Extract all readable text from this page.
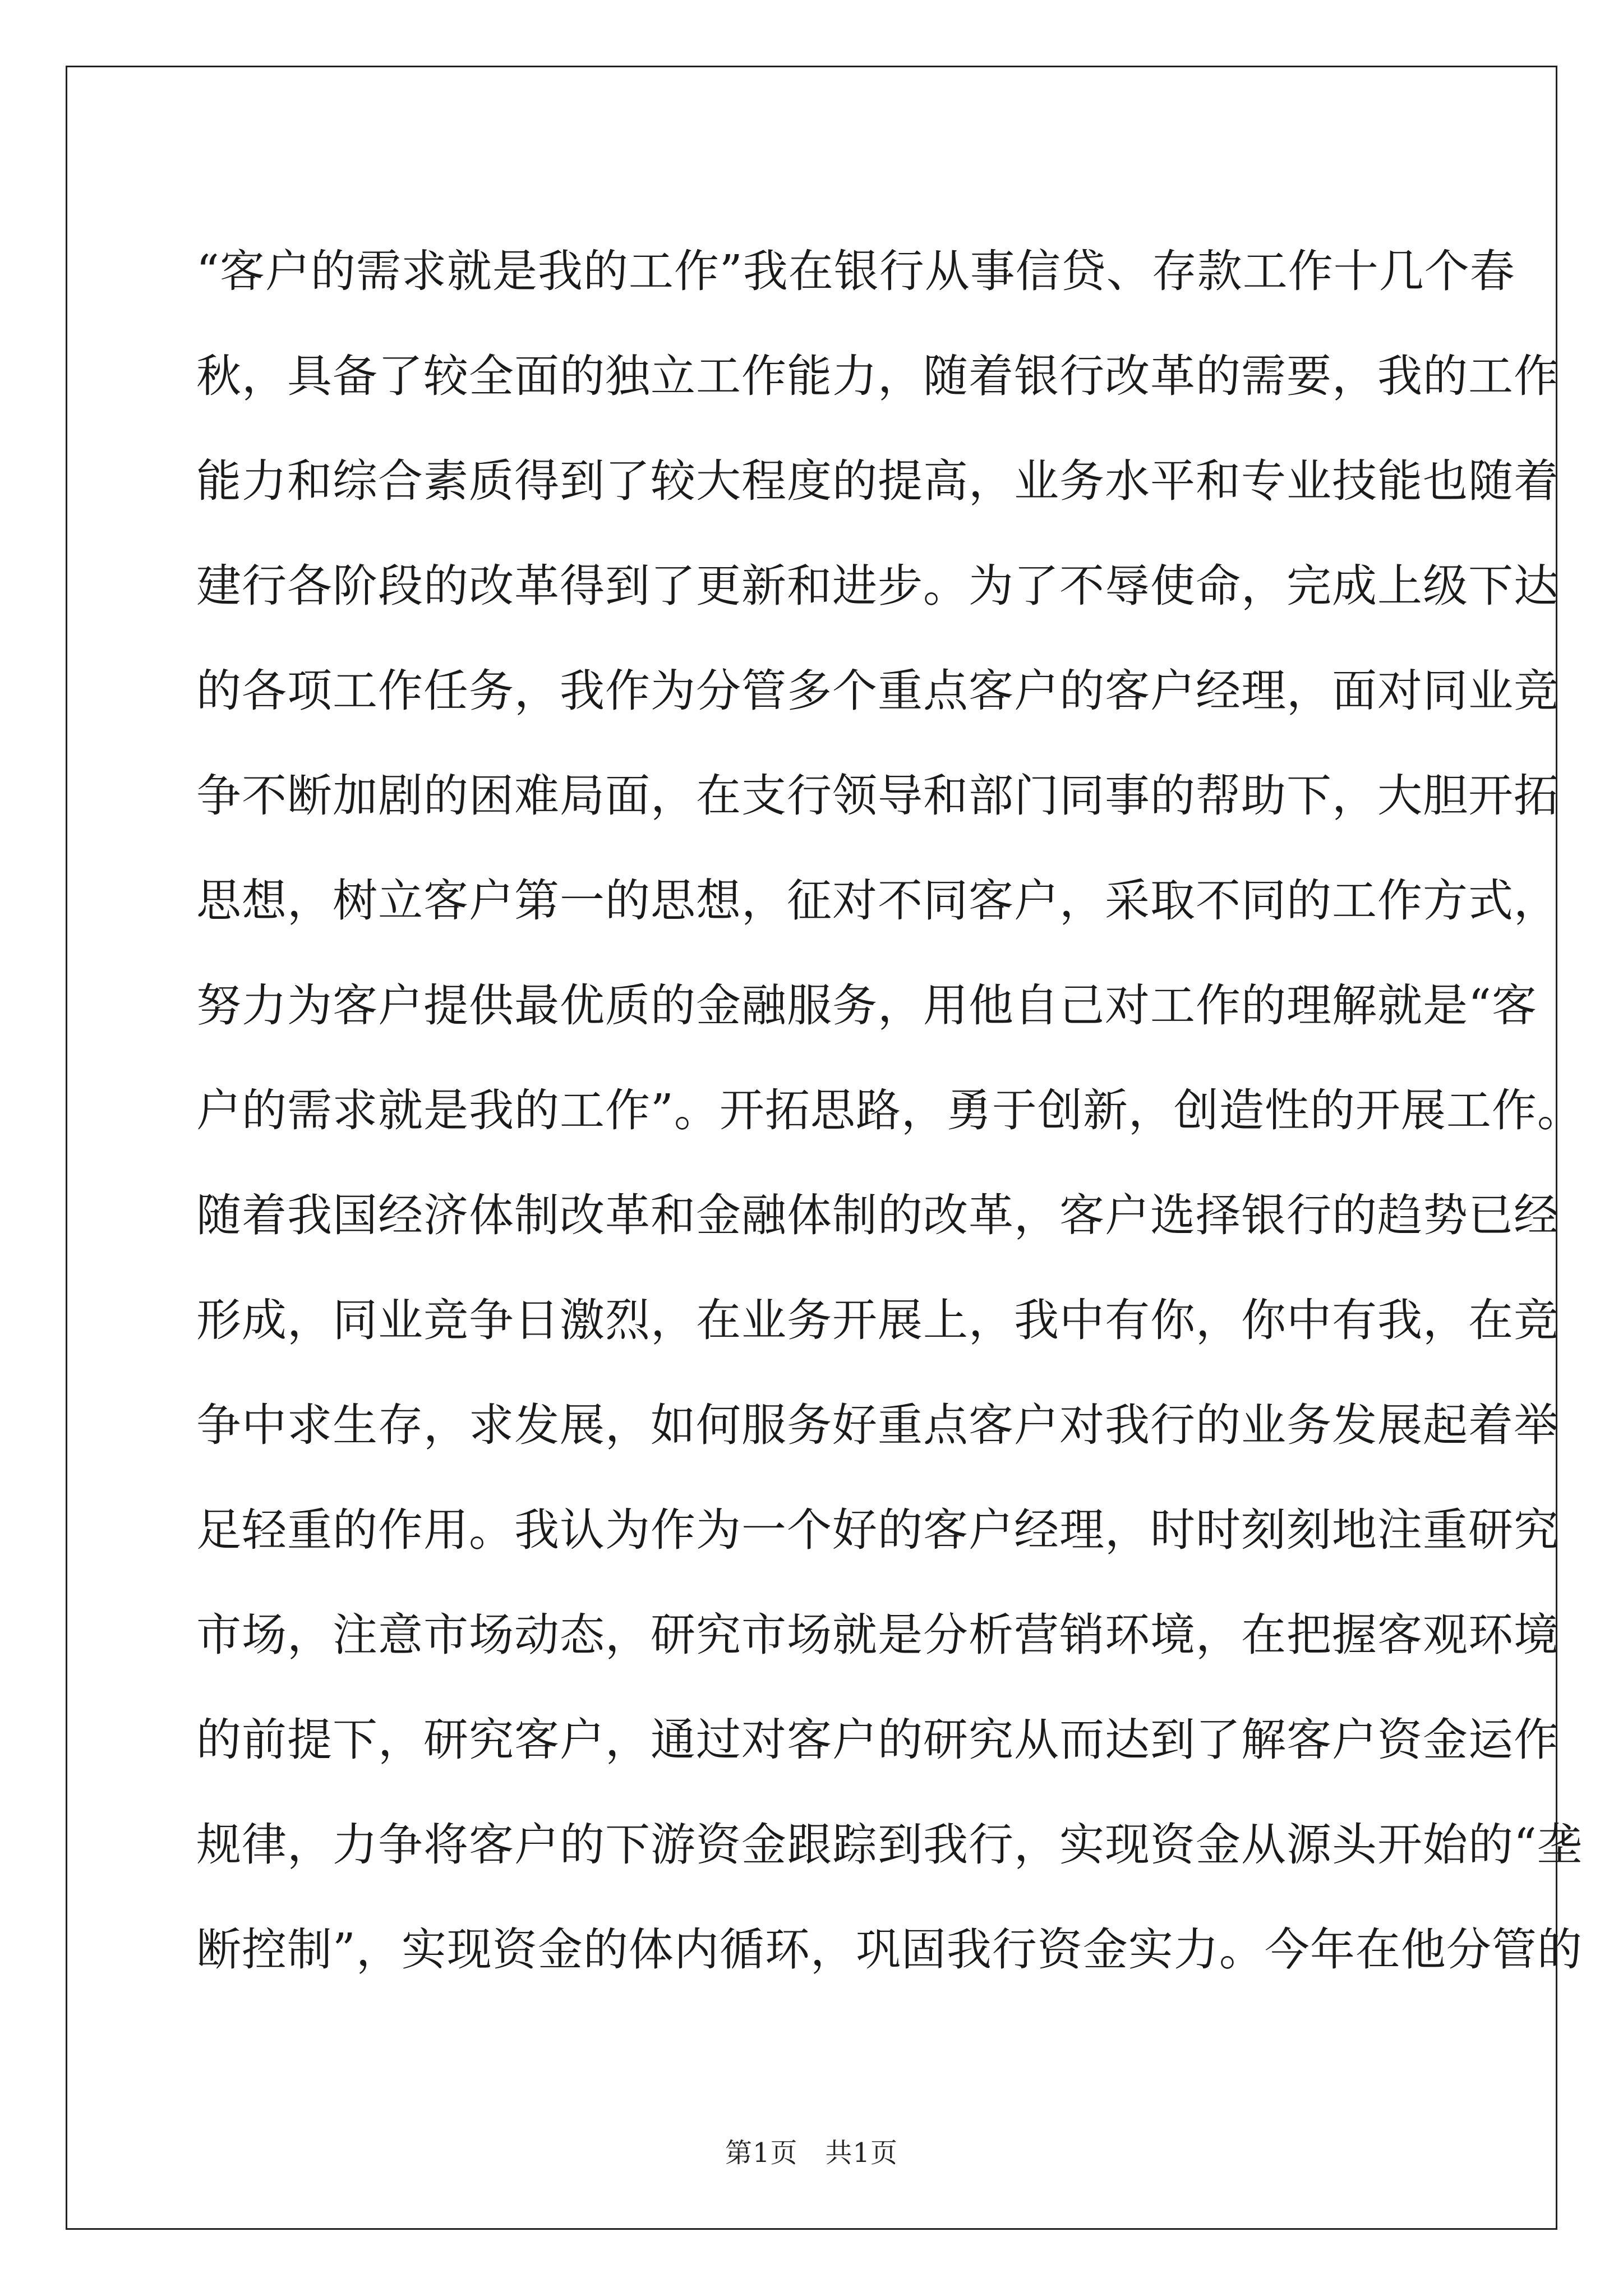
“客户的需求就是我的工作”我在银行从事信贷、存款工作十几个春
秋，具备了较全面的独立工作能力，随着银行改革的需要，我的工作
能力和综合素质得到了较大程度的提高，业务水平和专业技能也随着
建行各阶段的改革得到了更新和进步。为了不辱使命，完成上级下达
的各项工作任务，我作为分管多个重点客户的客户经理，面对同业竞
争不断加剧的困难局面，在支行领导和部门同事的帮助下，大胆开拓
思想，树立客户第一的思想，征对不同客户，采取不同的工作方式，
努力为客户提供最优质的金融服务，用他自己对工作的理解就是“客
户的需求就是我的工作”。开拓思路，勇于创新，创造性的开展工作。
随着我国经济体制改革和金融体制的改革，客户选择银行的趋势已经
形成，同业竞争日激烈，在业务开展上，我中有你，你中有我，在竞
争中求生存，求发展，如何服务好重点客户对我行的业务发展起着举
足轻重的作用。我认为作为一个好的客户经理，时时刻刻地注重研究
市场，注意市场动态，研究市场就是分析营销环境，在把握客观环境
的前提下，研究客户，通过对客户的研究从而达到了解客户资金运作
规律，力争将客户的下游资金跟踪到我行，实现资金从源头开始的“垄
断控制”，实现资金的体内循环，巩固我行资金实力。今年在他分管的
第1页　共1页
